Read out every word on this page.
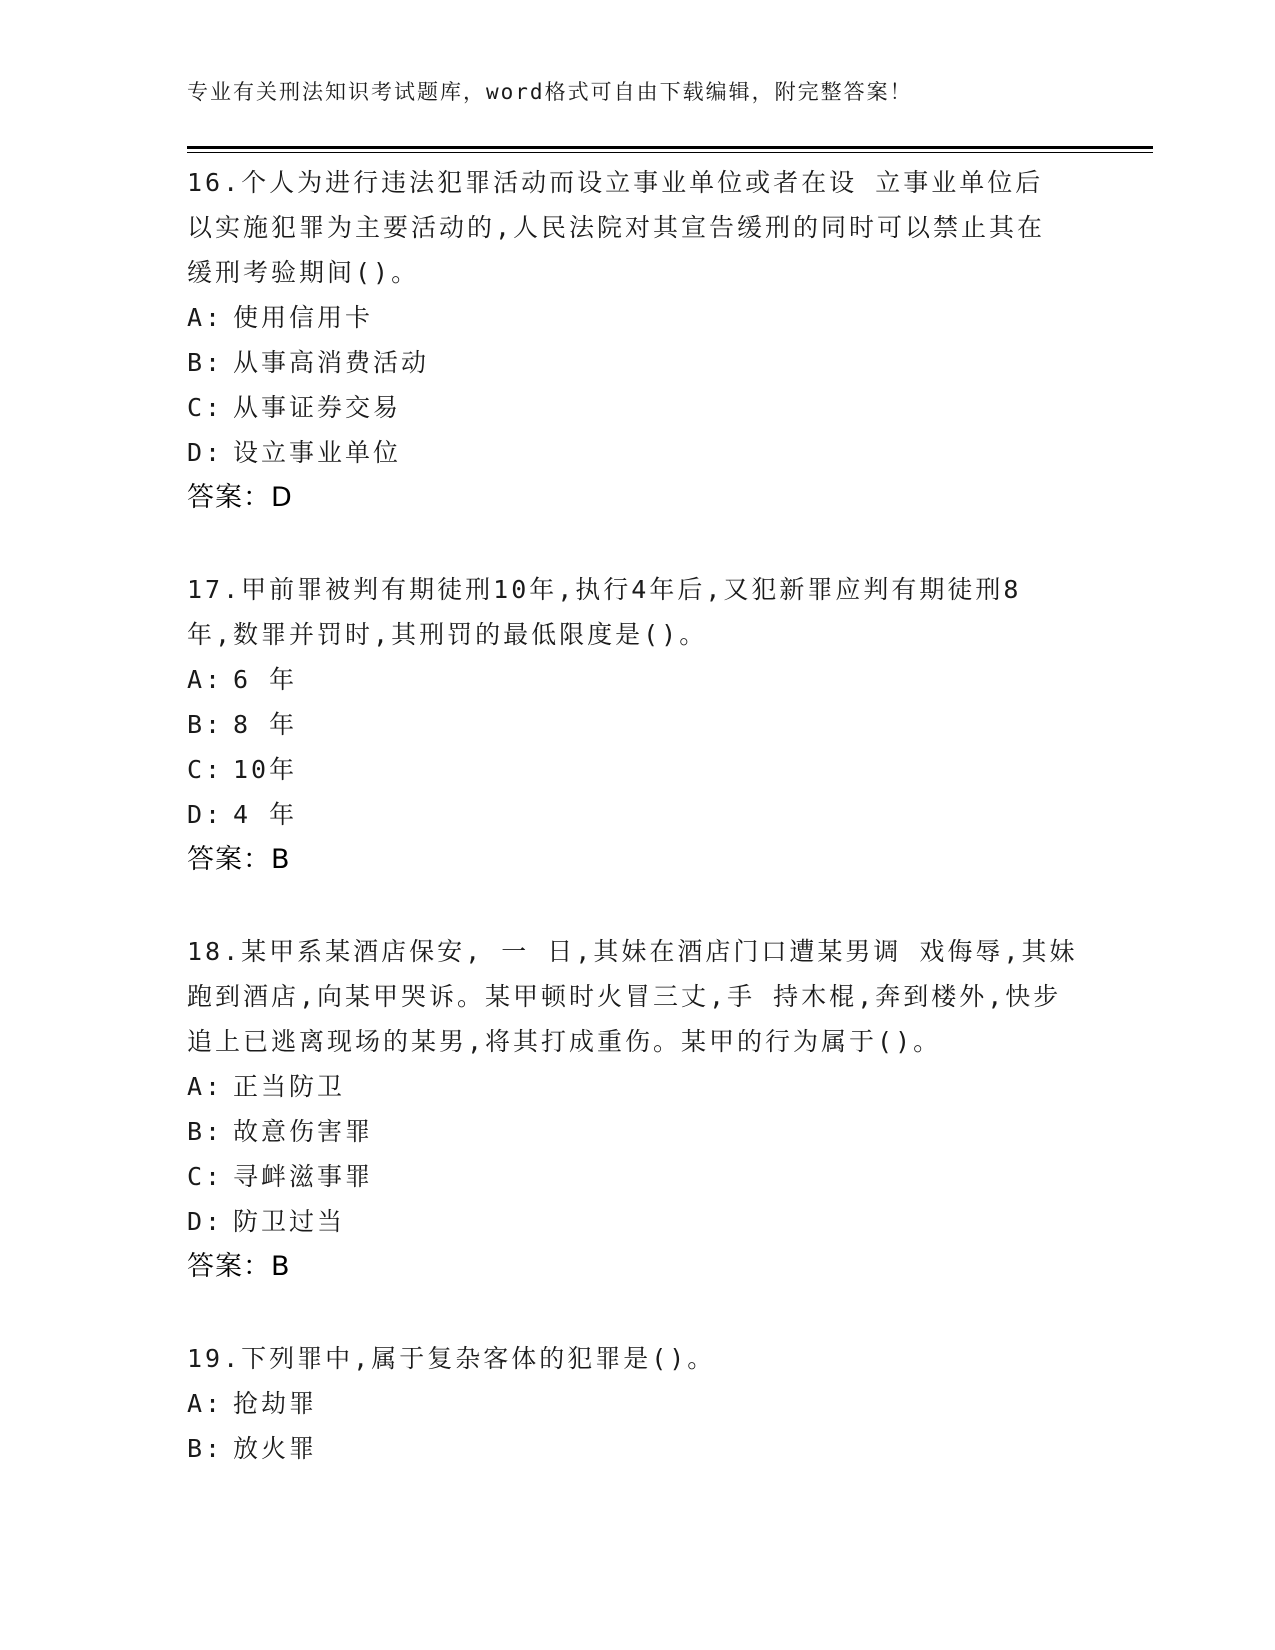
专业有关刑法知识考试题库，word格式可自由下载编辑，附完整答案！
16.个人为进行违法犯罪活动而设立事业单位或者在设 立事业单位后
以实施犯罪为主要活动的,人民法院对其宣告缓刑的同时可以禁止其在
缓刑考验期间()。
A: 使用信用卡
B: 从事高消费活动
C: 从事证券交易
D: 设立事业单位
答案：D
17.甲前罪被判有期徒刑10年,执行4年后,又犯新罪应判有期徒刑8
年,数罪并罚时,其刑罚的最低限度是()。
A: 6 年
B: 8 年
C: 10年
D: 4 年
答案：B
18.某甲系某酒店保安, 一 日,其妹在酒店门口遭某男调 戏侮辱,其妹
跑到酒店,向某甲哭诉。某甲顿时火冒三丈,手 持木棍,奔到楼外,快步
追上已逃离现场的某男,将其打成重伤。某甲的行为属于()。
A: 正当防卫
B: 故意伤害罪
C: 寻衅滋事罪
D: 防卫过当
答案：B
19.下列罪中,属于复杂客体的犯罪是()。
A: 抢劫罪
B: 放火罪
